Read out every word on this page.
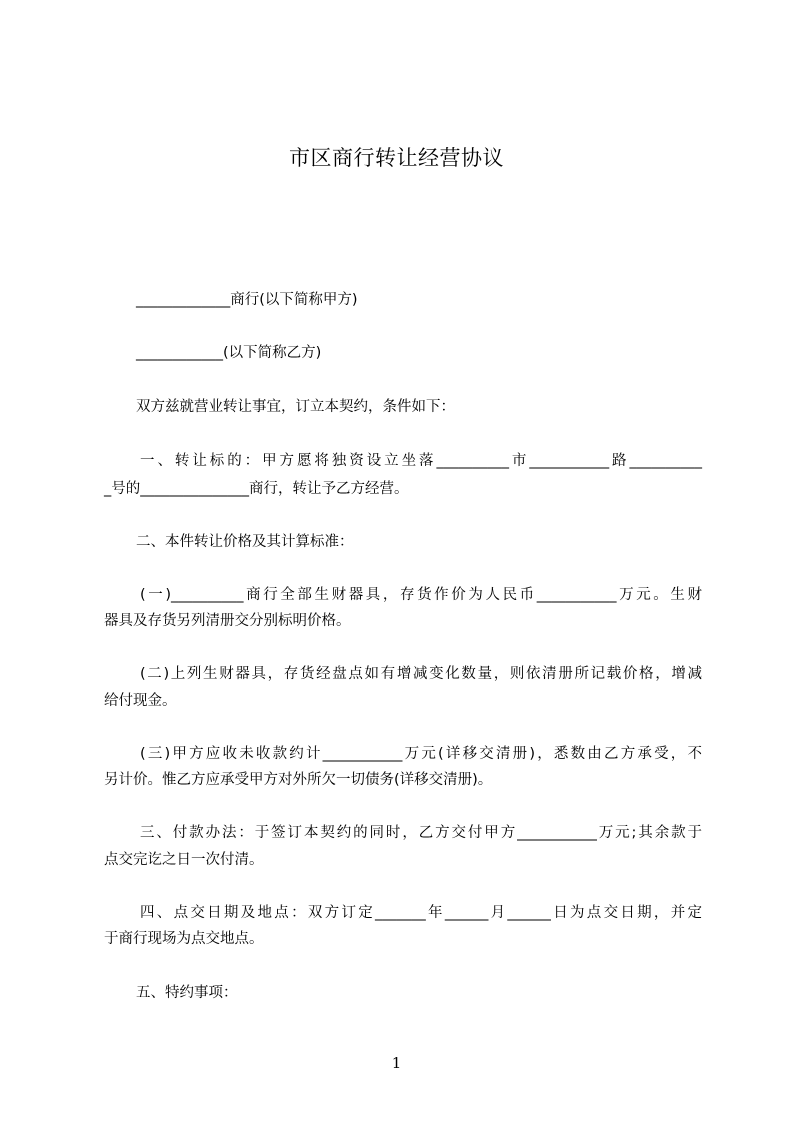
市区商行转让经营协议

_____________商行(以下简称甲方)

____________(以下简称乙方)

双方兹就营业转让事宜，订立本契约，条件如下：

一、转让标的：甲方愿将独资设立坐落__________市___________路__________

_号的_______________商行，转让予乙方经营。

二、本件转让价格及其计算标准：

(一)__________商行全部生财器具，存货作价为人民币___________万元。生财

器具及存货另列清册交分别标明价格。

(二)上列生财器具，存货经盘点如有增减变化数量，则依清册所记载价格，增减

给付现金。

(三)甲方应收未收款约计___________万元(详移交清册)，悉数由乙方承受，不

另计价。惟乙方应承受甲方对外所欠一切债务(详移交清册)。

三、付款办法：于签订本契约的同时，乙方交付甲方___________万元;其余款于

点交完讫之日一次付清。

四、点交日期及地点：双方订定_______年______月______日为点交日期，并定

于商行现场为点交地点。

五、特约事项：

1
